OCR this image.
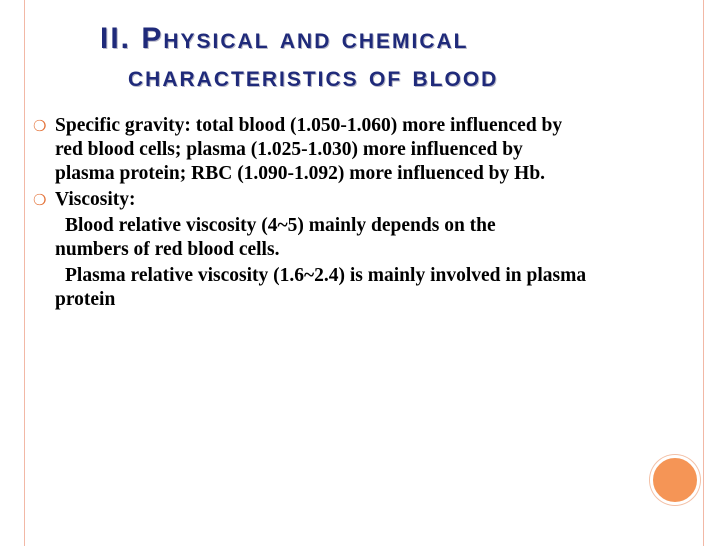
II. Physical and chemical
characteristics of blood
❍ Specific gravity: total blood (1.050-1.060) more influenced by
red blood cells; plasma (1.025-1.030) more influenced by
plasma protein; RBC (1.090-1.092) more influenced by Hb.
❍ Viscosity:
Blood relative viscosity (4~5) mainly depends on the
numbers of red blood cells.
Plasma relative viscosity (1.6~2.4) is mainly involved in plasma
protein
